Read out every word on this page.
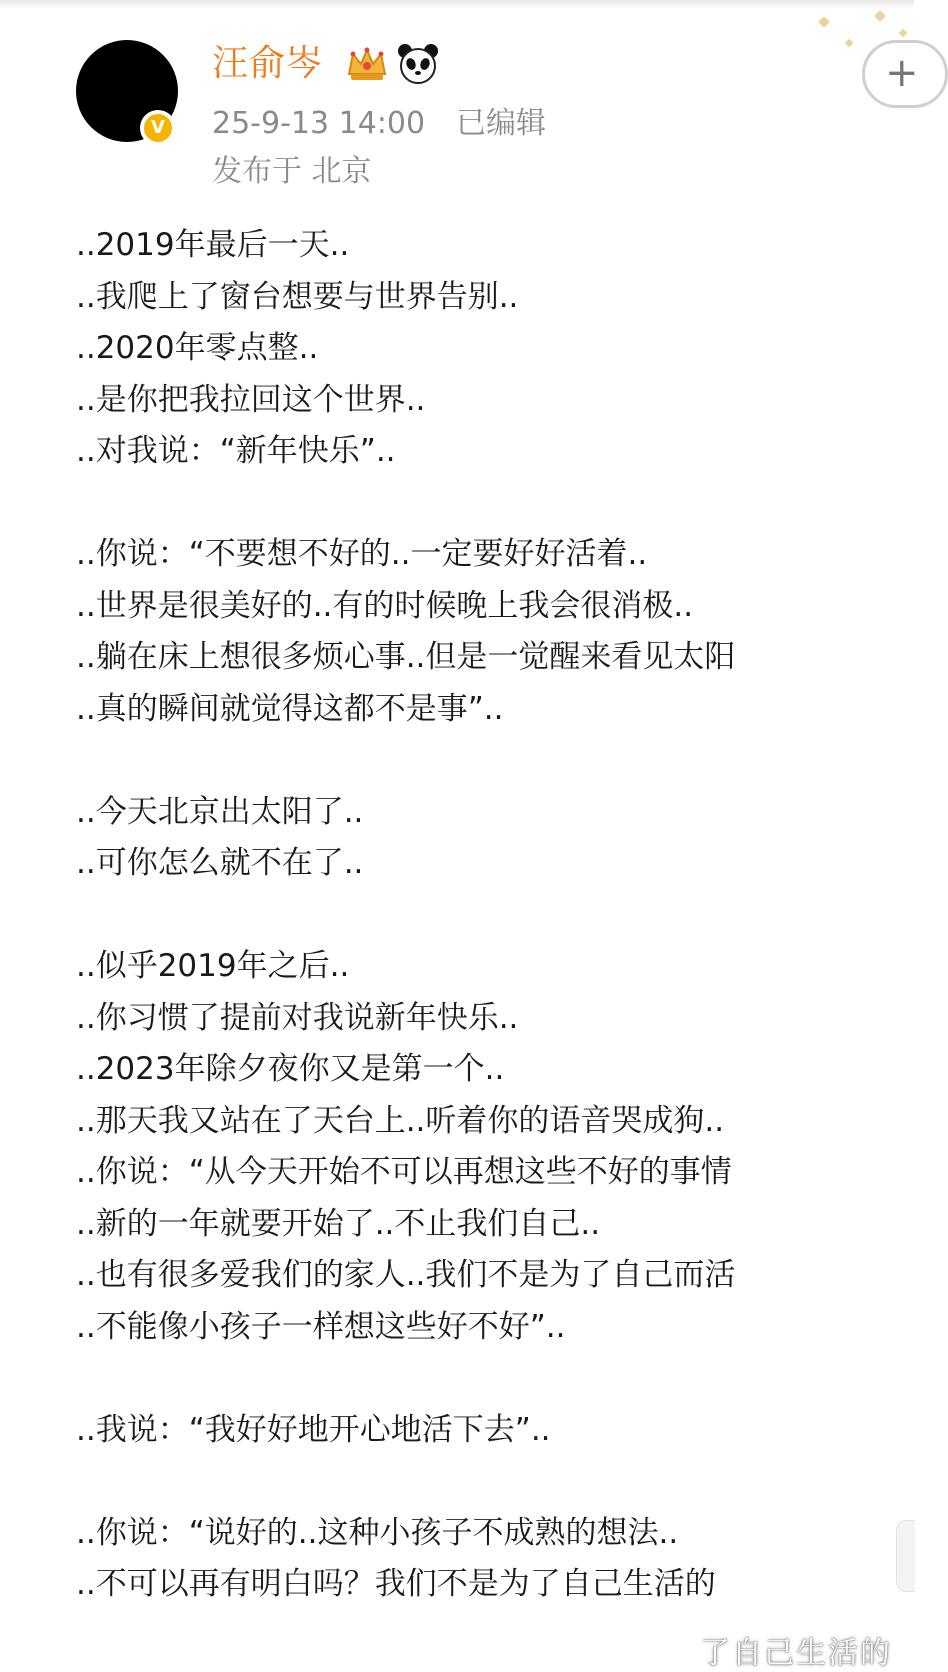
V
汪俞岑
25-9-13 14:00 已编辑
发布于 北京
+
..2019年最后一天..
..我爬上了窗台想要与世界告别..
..2020年零点整..
..是你把我拉回这个世界..
..对我说：“新年快乐”..
..你说：“不要想不好的..一定要好好活着..
..世界是很美好的..有的时候晚上我会很消极..
..躺在床上想很多烦心事..但是一觉醒来看见太阳
..真的瞬间就觉得这都不是事”..
..今天北京出太阳了..
..可你怎么就不在了..
..似乎2019年之后..
..你习惯了提前对我说新年快乐..
..2023年除夕夜你又是第一个..
..那天我又站在了天台上..听着你的语音哭成狗..
..你说：“从今天开始不可以再想这些不好的事情
..新的一年就要开始了..不止我们自己..
..也有很多爱我们的家人..我们不是为了自己而活
..不能像小孩子一样想这些好不好”..
..我说：“我好好地开心地活下去”..
..你说：“说好的..这种小孩子不成熟的想法..
..不可以再有明白吗？我们不是为了自己生活的
了自己生活的
